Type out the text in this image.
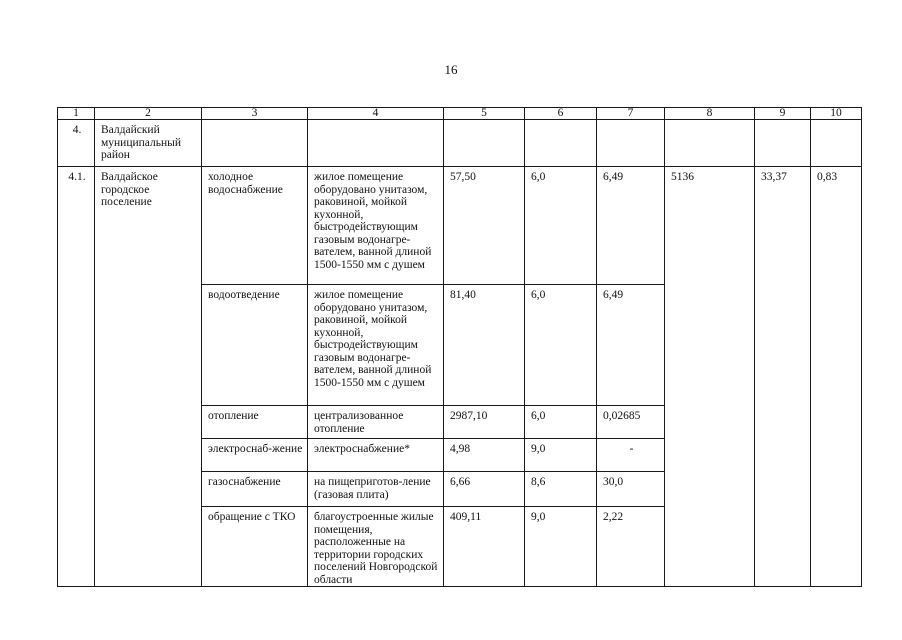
16
1	2	3	4	5	6	7	8	9	10
4.	Валдайский муниципальный район								
4.1.	Валдайское городское поселение	холодное водоснабжение	жилое помещение оборудовано унитазом, раковиной, мойкой кухонной, быстродействующим газовым водонагре-вателем, ванной длиной 1500-1550 мм с душем	57,50	6,0	6,49	5136	33,37	0,83
		водоотведение	жилое помещение оборудовано унитазом, раковиной, мойкой кухонной, быстродействующим газовым водонагре-вателем, ванной длиной 1500-1550 мм с душем	81,40	6,0	6,49			
		отопление	централизованное отопление	2987,10	6,0	0,02685			
		электроснаб-жение	электроснабжение*	4,98	9,0	-			
		газоснабжение	на пищеприготов-ление (газовая плита)	6,66	8,6	30,0			
		обращение с ТКО	благоустроенные жилые помещения, расположенные на территории городских поселений Новгородской области	409,11	9,0	2,22			
